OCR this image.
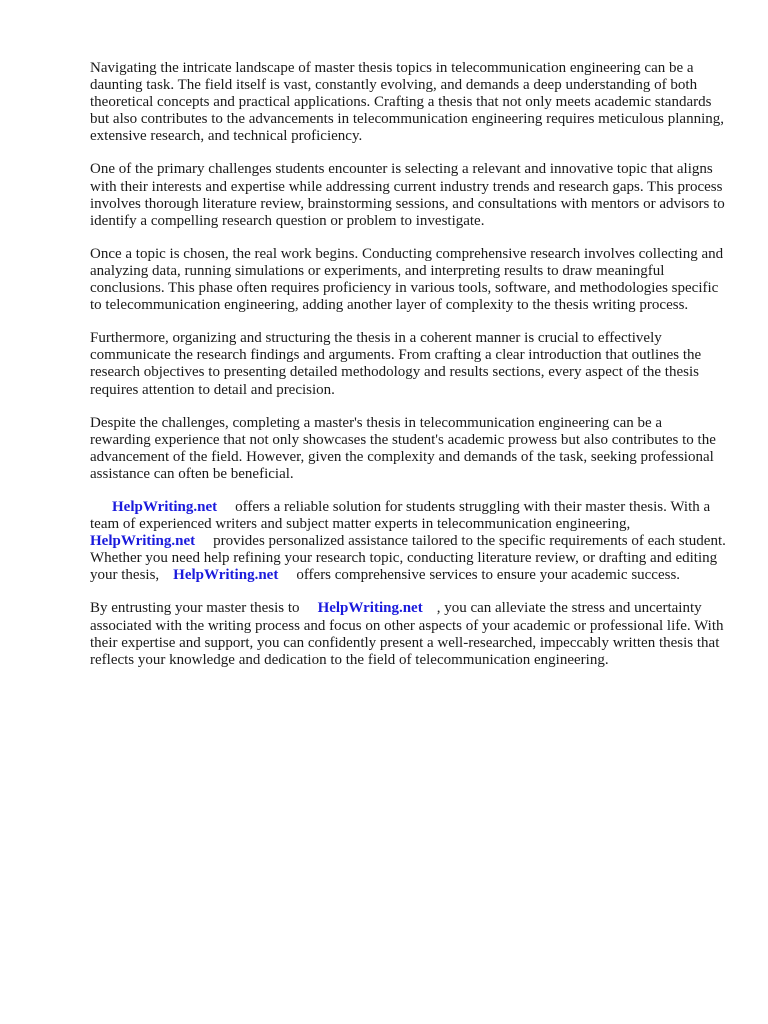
Navigating the intricate landscape of master thesis topics in telecommunication engineering can be a daunting task. The field itself is vast, constantly evolving, and demands a deep understanding of both theoretical concepts and practical applications. Crafting a thesis that not only meets academic standards but also contributes to the advancements in telecommunication engineering requires meticulous planning, extensive research, and technical proficiency.

One of the primary challenges students encounter is selecting a relevant and innovative topic that aligns with their interests and expertise while addressing current industry trends and research gaps. This process involves thorough literature review, brainstorming sessions, and consultations with mentors or advisors to identify a compelling research question or problem to investigate.

Once a topic is chosen, the real work begins. Conducting comprehensive research involves collecting and analyzing data, running simulations or experiments, and interpreting results to draw meaningful conclusions. This phase often requires proficiency in various tools, software, and methodologies specific to telecommunication engineering, adding another layer of complexity to the thesis writing process.

Furthermore, organizing and structuring the thesis in a coherent manner is crucial to effectively communicate the research findings and arguments. From crafting a clear introduction that outlines the research objectives to presenting detailed methodology and results sections, every aspect of the thesis requires attention to detail and precision.

Despite the challenges, completing a master's thesis in telecommunication engineering can be a rewarding experience that not only showcases the student's academic prowess but also contributes to the advancement of the field. However, given the complexity and demands of the task, seeking professional assistance can often be beneficial.

HelpWriting.net offers a reliable solution for students struggling with their master thesis. With a team of experienced writers and subject matter experts in telecommunication engineering, HelpWriting.net provides personalized assistance tailored to the specific requirements of each student. Whether you need help refining your research topic, conducting literature review, or drafting and editing your thesis, HelpWriting.net offers comprehensive services to ensure your academic success.

By entrusting your master thesis to HelpWriting.net , you can alleviate the stress and uncertainty associated with the writing process and focus on other aspects of your academic or professional life. With their expertise and support, you can confidently present a well-researched, impeccably written thesis that reflects your knowledge and dedication to the field of telecommunication engineering.
